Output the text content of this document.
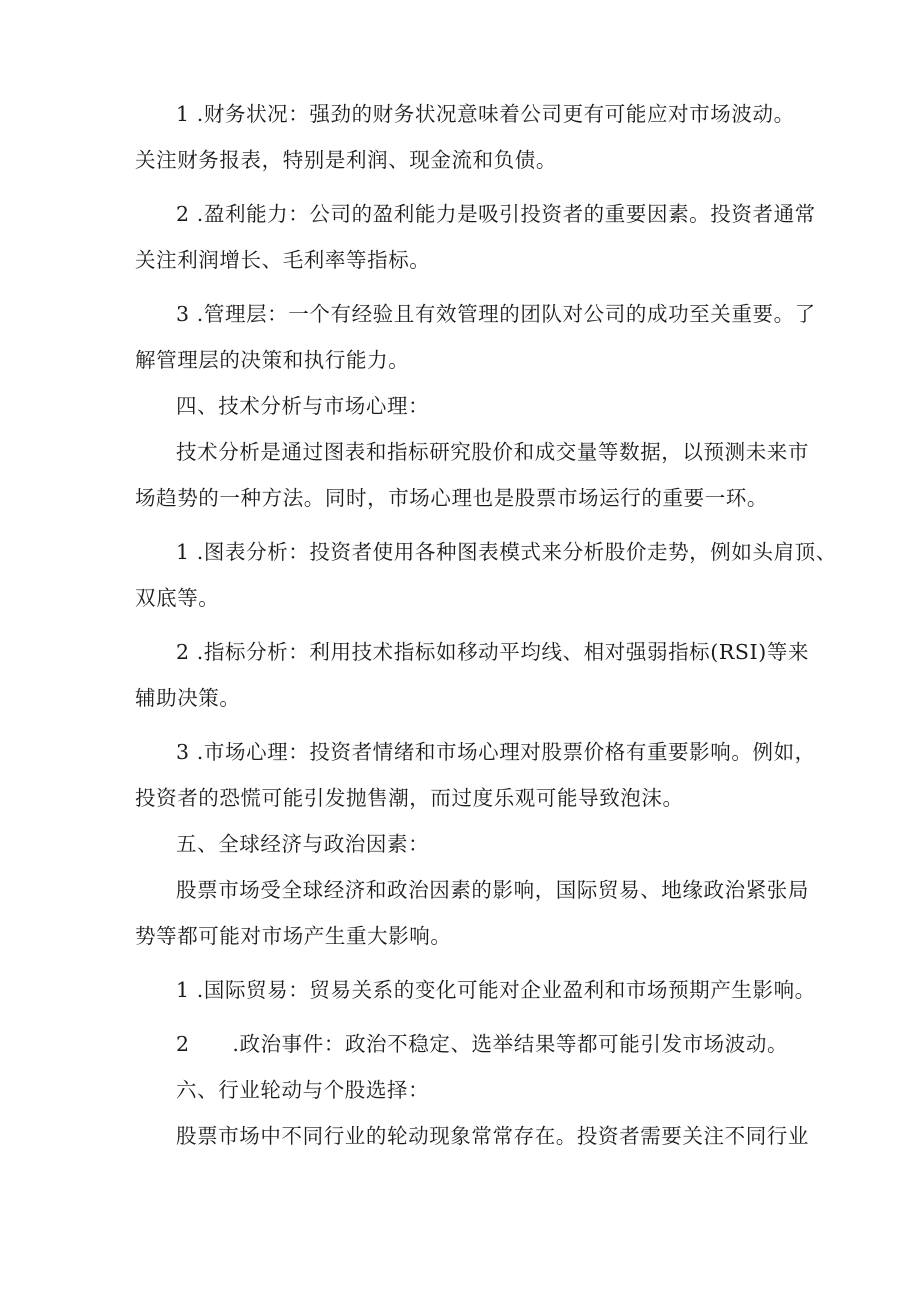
1 .财务状况：强劲的财务状况意味着公司更有可能应对市场波动。
关注财务报表，特别是利润、现金流和负债。
2 .盈利能力：公司的盈利能力是吸引投资者的重要因素。投资者通常
关注利润增长、毛利率等指标。
3 .管理层：一个有经验且有效管理的团队对公司的成功至关重要。了
解管理层的决策和执行能力。
四、技术分析与市场心理：
技术分析是通过图表和指标研究股价和成交量等数据，以预测未来市
场趋势的一种方法。同时，市场心理也是股票市场运行的重要一环。
1 .图表分析：投资者使用各种图表模式来分析股价走势，例如头肩顶、
双底等。
2 .指标分析：利用技术指标如移动平均线、相对强弱指标(RSI)等来
辅助决策。
3 .市场心理：投资者情绪和市场心理对股票价格有重要影响。例如，
投资者的恐慌可能引发抛售潮，而过度乐观可能导致泡沫。
五、全球经济与政治因素：
股票市场受全球经济和政治因素的影响，国际贸易、地缘政治紧张局
势等都可能对市场产生重大影响。
1 .国际贸易：贸易关系的变化可能对企业盈利和市场预期产生影响。
2      .政治事件：政治不稳定、选举结果等都可能引发市场波动。
六、行业轮动与个股选择：
股票市场中不同行业的轮动现象常常存在。投资者需要关注不同行业
